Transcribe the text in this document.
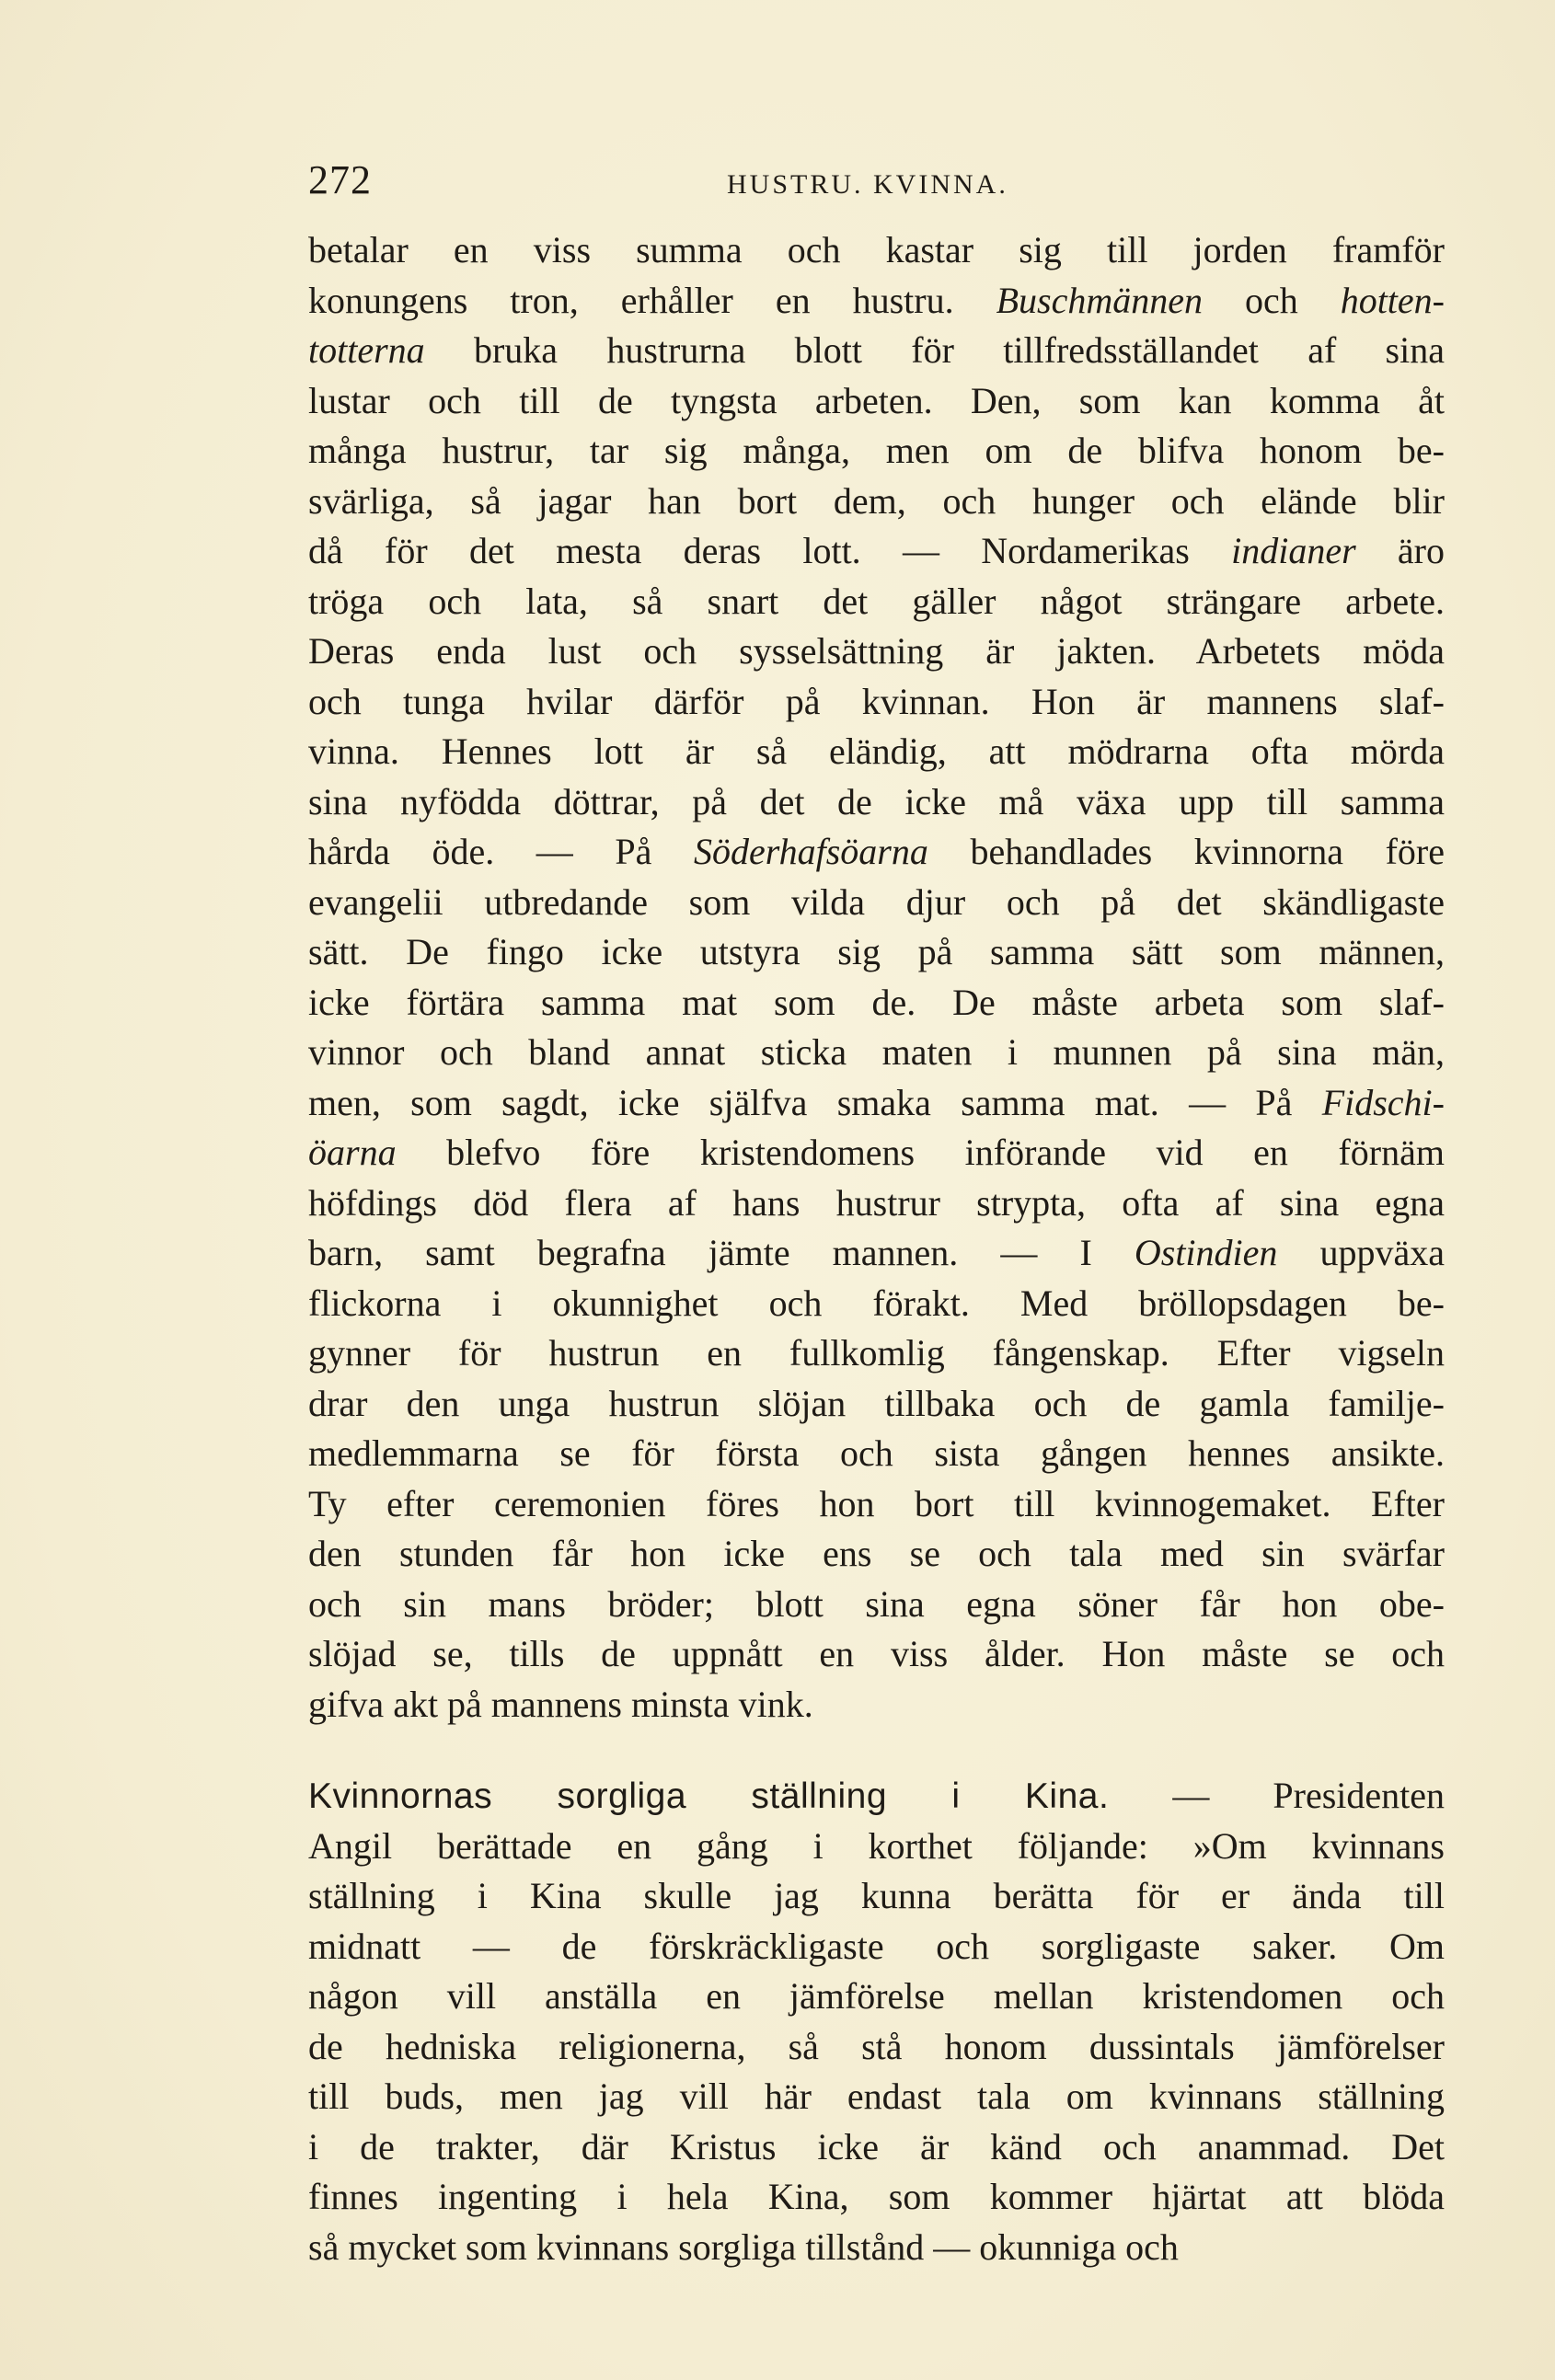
272	HUSTRU. KVINNA.
betalar en viss summa och kastar sig till jorden framför
konungens tron, erhåller en hustru. Buschmännen och hotten-
totterna bruka hustrurna blott för tillfredsställandet af sina
lustar och till de tyngsta arbeten. Den, som kan komma åt
många hustrur, tar sig många, men om de blifva honom be-
svärliga, så jagar han bort dem, och hunger och elände blir
då för det mesta deras lott. — Nordamerikas indianer äro
tröga och lata, så snart det gäller något strängare arbete.
Deras enda lust och sysselsättning är jakten. Arbetets möda
och tunga hvilar därför på kvinnan. Hon är mannens slaf-
vinna. Hennes lott är så eländig, att mödrarna ofta mörda
sina nyfödda döttrar, på det de icke må växa upp till samma
hårda öde. — På Söderhafsöarna behandlades kvinnorna före
evangelii utbredande som vilda djur och på det skändligaste
sätt. De fingo icke utstyra sig på samma sätt som männen,
icke förtära samma mat som de. De måste arbeta som slaf-
vinnor och bland annat sticka maten i munnen på sina män,
men, som sagdt, icke själfva smaka samma mat. — På Fidschi-
öarna blefvo före kristendomens införande vid en förnäm
höfdings död flera af hans hustrur strypta, ofta af sina egna
barn, samt begrafna jämte mannen. — I Ostindien uppväxa
flickorna i okunnighet och förakt. Med bröllopsdagen be-
gynner för hustrun en fullkomlig fångenskap. Efter vigseln
drar den unga hustrun slöjan tillbaka och de gamla familje-
medlemmarna se för första och sista gången hennes ansikte.
Ty efter ceremonien föres hon bort till kvinnogemaket. Efter
den stunden får hon icke ens se och tala med sin svärfar
och sin mans bröder; blott sina egna söner får hon obe-
slöjad se, tills de uppnått en viss ålder. Hon måste se och
gifva akt på mannens minsta vink.
Kvinnornas sorgliga ställning i Kina. — Presidenten
Angil berättade en gång i korthet följande: »Om kvinnans
ställning i Kina skulle jag kunna berätta för er ända till
midnatt — de förskräckligaste och sorgligaste saker. Om
någon vill anställa en jämförelse mellan kristendomen och
de hedniska religionerna, så stå honom dussintals jämförelser
till buds, men jag vill här endast tala om kvinnans ställning
i de trakter, där Kristus icke är känd och anammad. Det
finnes ingenting i hela Kina, som kommer hjärtat att blöda
så mycket som kvinnans sorgliga tillstånd — okunniga och
